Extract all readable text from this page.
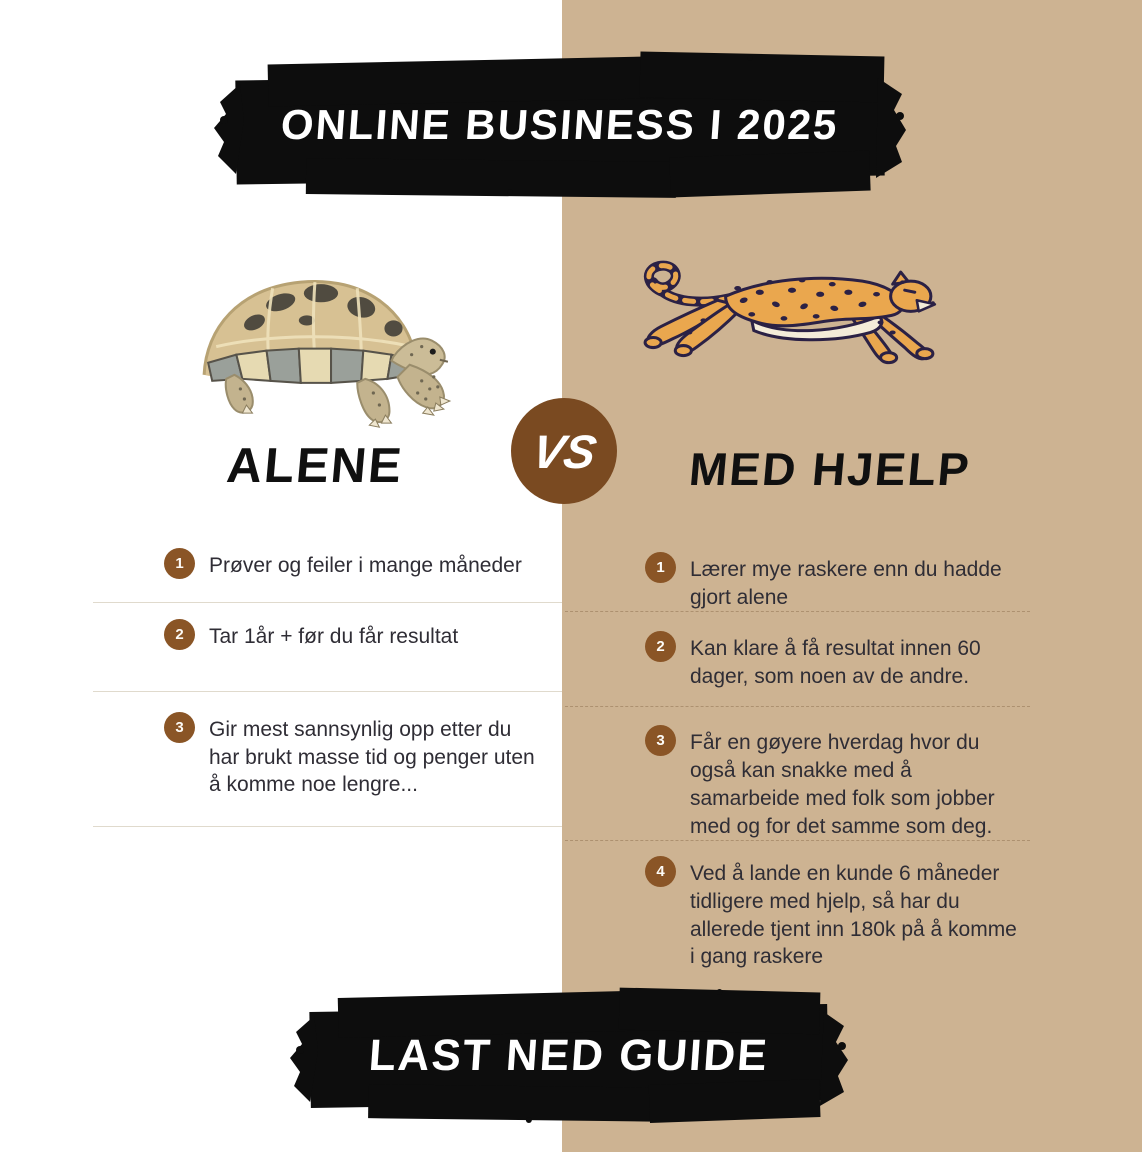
ONLINE BUSINESS I 2025
ALENE	VS	MED HJELP
1	Prøver og feiler i mange måneder

2	Tar 1år + før du får resultat

3	Gir mest sannsynlig opp etter du har brukt masse tid og penger uten å komme noe lengre...

1	Lærer mye raskere enn du hadde gjort alene

2	Kan klare å få resultat innen 60 dager, som noen av de andre.

3	Får en gøyere hverdag hvor du også kan snakke med å samarbeide med folk som jobber med og for det samme som deg.

4	Ved å lande en kunde 6 måneder tidligere med hjelp, så har du allerede tjent inn 180k på å komme i gang raskere

LAST NED GUIDE
